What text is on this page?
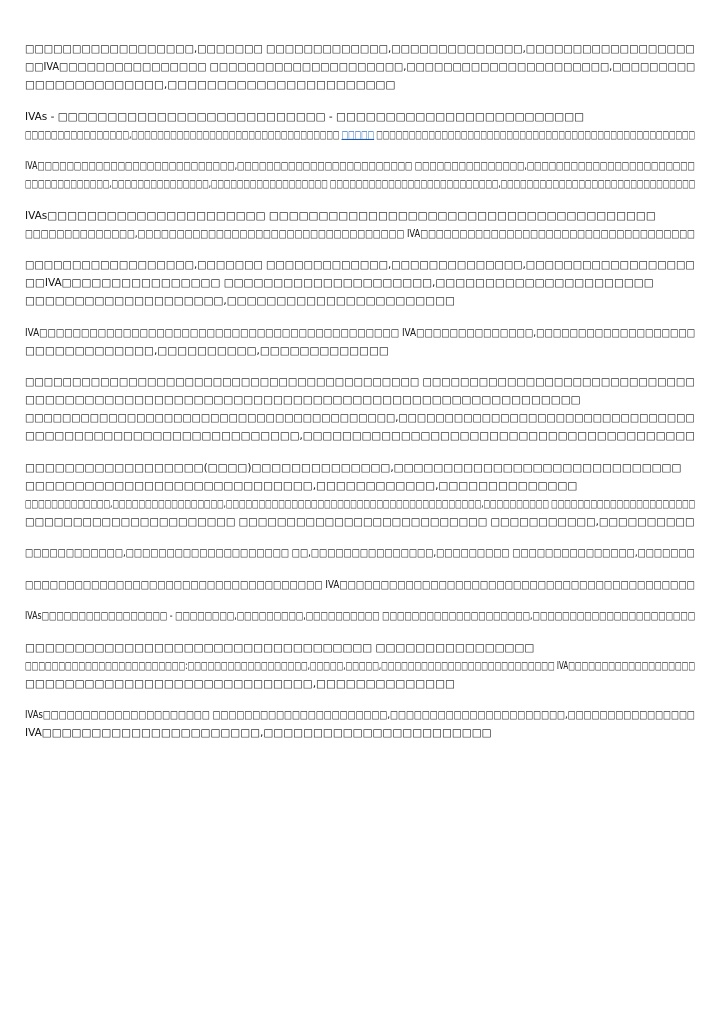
□□□□□□□□□□□□□□□□□□,□□□□□□□ □□□□□□□□□□□□□,□□□□□□□□□□□□□□,□□□□□□□□□□□□□□□□□□
□□IVA□□□□□□□□□□□□□□□□ □□□□□□□□□□□□□□□□□□□□□,□□□□□□□□□□□□□□□□□□□□□□,□□□□□□□□□
□□□□□□□□□□□□□□,□□□□□□□□□□□□□□□□□□□□□□□

IVAs - □□□□□□□□□□□□□□□□□□□□□□□□□□□ - □□□□□□□□□□□□□□□□□□□□□□□□□
□□□□□□□□□□□□□□□□,□□□□□□□□□□□□□□□□□□□□□□□□□□□□□□□□ □□□□□ □□□□□□□□□□□□□□□□□□□□□□□□□□□□□□□□□□□□□□□□□□□□□□□□□

IVA□□□□□□□□□□□□□□□□□□□□□□□□□□□,□□□□□□□□□□□□□□□□□□□□□□□□ □□□□□□□□□□□□□□□,□□□□□□□□□□□□□□□□□□□□□□□
□□□□□□□□□□□□□,□□□□□□□□□□□□□□□,□□□□□□□□□□□□□□□□□□ □□□□□□□□□□□□□□□□□□□□□□□□□□,□□□□□□□□□□□□□□□□□□□□□□□□□□□□□□

IVAs□□□□□□□□□□□□□□□□□□□□□□ □□□□□□□□□□□□□□□□□□□□□□□□□□□□□□□□□□□□□□□
□□□□□□□□□□□□□□,□□□□□□□□□□□□□□□□□□□□□□□□□□□□□□□□□□ IVA□□□□□□□□□□□□□□□□□□□□□□□□□□□□□□□□□□□

□□□□□□□□□□□□□□□□□□,□□□□□□□ □□□□□□□□□□□□□,□□□□□□□□□□□□□□,□□□□□□□□□□□□□□□□□□
□□IVA□□□□□□□□□□□□□□□□ □□□□□□□□□□□□□□□□□□□□□,□□□□□□□□□□□□□□□□□□□□□□
□□□□□□□□□□□□□□□□□□□□,□□□□□□□□□□□□□□□□□□□□□□□

IVA□□□□□□□□□□□□□□□□□□□□□□□□□□□□□□□□□□□□□□□□□□□ IVA□□□□□□□□□□□□□□,□□□□□□□□□□□□□□□□□□□
□□□□□□□□□□□□□,□□□□□□□□□□,□□□□□□□□□□□□□

□□□□□□□□□□□□□□□□□□□□□□□□□□□□□□□□□□□□□□□□□□ □□□□□□□□□□□□□□□□□□□□□□□□□□□□□
□□□□□□□□□□□□□□□□□□□□□□□□□□□□□□□□□□□□□□□□□□□□□□□□□□□□□□□□
□□□□□□□□□□□□□□□□□□□□□□□□□□□□□□□□□□□□□□□□,□□□□□□□□□□□□□□□□□□□□□□□□□□□□□□□□
□□□□□□□□□□□□□□□□□□□□□□□□□□□□,□□□□□□□□□□□□□□□□□□□□□□□□□□□□□□□□□□□□□□□□

□□□□□□□□□□□□□□□□□□(□□□□)□□□□□□□□□□□□□□,□□□□□□□□□□□□□□□□□□□□□□□□□□□□□
□□□□□□□□□□□□□□□□□□□□□□□□□□□□□,□□□□□□□□□□□□,□□□□□□□□□□□□□□
□□□□□□□□□□□□□,□□□□□□□□□□□□□□□□□,□□□□□□□□□□□□□□□□□□□□□□□□□□□□□□□□□□□□□□□,□□□□□□□□□□ □□□□□□□□□□□□□□□□□□□□□□
□□□□□□□□□□□□□□□□□□□□□□ □□□□□□□□□□□□□□□□□□□□□□□□□□ □□□□□□□□□□□,□□□□□□□□□□

□□□□□□□□□□□□,□□□□□□□□□□□□□□□□□□□□ □□,□□□□□□□□□□□□□□□,□□□□□□□□□ □□□□□□□□□□□□□□□,□□□□□□□

□□□□□□□□□□□□□□□□□□□□□□□□□□□□□□□□□□□□ IVA□□□□□□□□□□□□□□□□□□□□□□□□□□□□□□□□□□□□□□□□□□□

IVAs□□□□□□□□□□□□□□□□□ - □□□□□□□□,□□□□□□□□□,□□□□□□□□□□ □□□□□□□□□□□□□□□□□□□□,□□□□□□□□□□□□□□□□□□□□□□

□□□□□□□□□□□□□□□□□□□□□□□□□□□□□□□□□□□ □□□□□□□□□□□□□□□□
□□□□□□□□□□□□□□□□□□□□□□□□:□□□□□□□□□□□□□□□□□□,□□□□□,□□□□□,□□□□□□□□□□□□□□□□□□□□□□□□□□ IVA□□□□□□□□□□□□□□□□□□□
□□□□□□□□□□□□□□□□□□□□□□□□□□□□□,□□□□□□□□□□□□□□

IVAs□□□□□□□□□□□□□□□□□□□□□ □□□□□□□□□□□□□□□□□□□□□□,□□□□□□□□□□□□□□□□□□□□□□,□□□□□□□□□□□□□□□□
IVA□□□□□□□□□□□□□□□□□□□□□□,□□□□□□□□□□□□□□□□□□□□□□□
